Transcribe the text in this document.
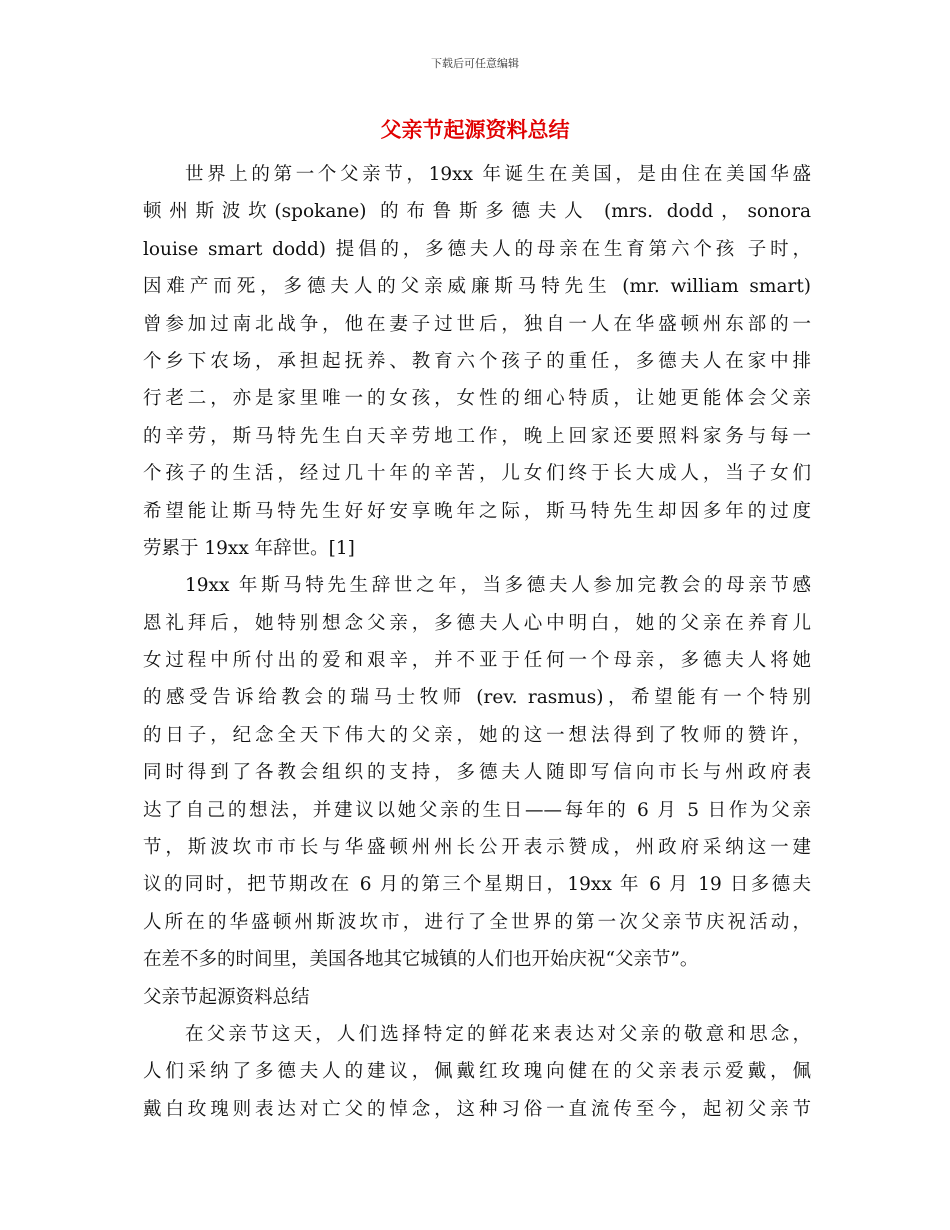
下载后可任意编辑
父亲节起源资料总结
世界上的第一个父亲节，19xx 年诞生在美国，是由住在美国华盛
顿州斯波坎(spokane) 的布鲁斯多德夫人 (mrs. dodd，sonora
louise smart dodd) 提倡的，多德夫人的母亲在生育第六个孩 子时，
因难产而死，多德夫人的父亲威廉斯马特先生 (mr. william smart)
曾参加过南北战争，他在妻子过世后，独自一人在华盛顿州东部的一
个乡下农场，承担起抚养、教育六个孩子的重任，多德夫人在家中排
行老二，亦是家里唯一的女孩，女性的细心特质，让她更能体会父亲
的辛劳，斯马特先生白天辛劳地工作，晚上回家还要照料家务与每一
个孩子的生活，经过几十年的辛苦，儿女们终于长大成人，当子女们
希望能让斯马特先生好好安享晚年之际，斯马特先生却因多年的过度
劳累于 19xx 年辞世。[1]
19xx 年斯马特先生辞世之年，当多德夫人参加完教会的母亲节感
恩礼拜后，她特别想念父亲，多德夫人心中明白，她的父亲在养育儿
女过程中所付出的爱和艰辛，并不亚于任何一个母亲，多德夫人将她
的感受告诉给教会的瑞马士牧师 (rev. rasmus)，希望能有一个特别
的日子，纪念全天下伟大的父亲，她的这一想法得到了牧师的赞许，
同时得到了各教会组织的支持，多德夫人随即写信向市长与州政府表
达了自己的想法，并建议以她父亲的生日——每年的 6 月 5 日作为父亲
节，斯波坎市市长与华盛顿州州长公开表示赞成，州政府采纳这一建
议的同时，把节期改在 6 月的第三个星期日，19xx 年 6 月 19 日多德夫
人所在的华盛顿州斯波坎市，进行了全世界的第一次父亲节庆祝活动，
在差不多的时间里，美国各地其它城镇的人们也开始庆祝“父亲节”。
父亲节起源资料总结
在父亲节这天，人们选择特定的鲜花来表达对父亲的敬意和思念，
人们采纳了多德夫人的建议，佩戴红玫瑰向健在的父亲表示爱戴，佩
戴白玫瑰则表达对亡父的悼念，这种习俗一直流传至今，起初父亲节
